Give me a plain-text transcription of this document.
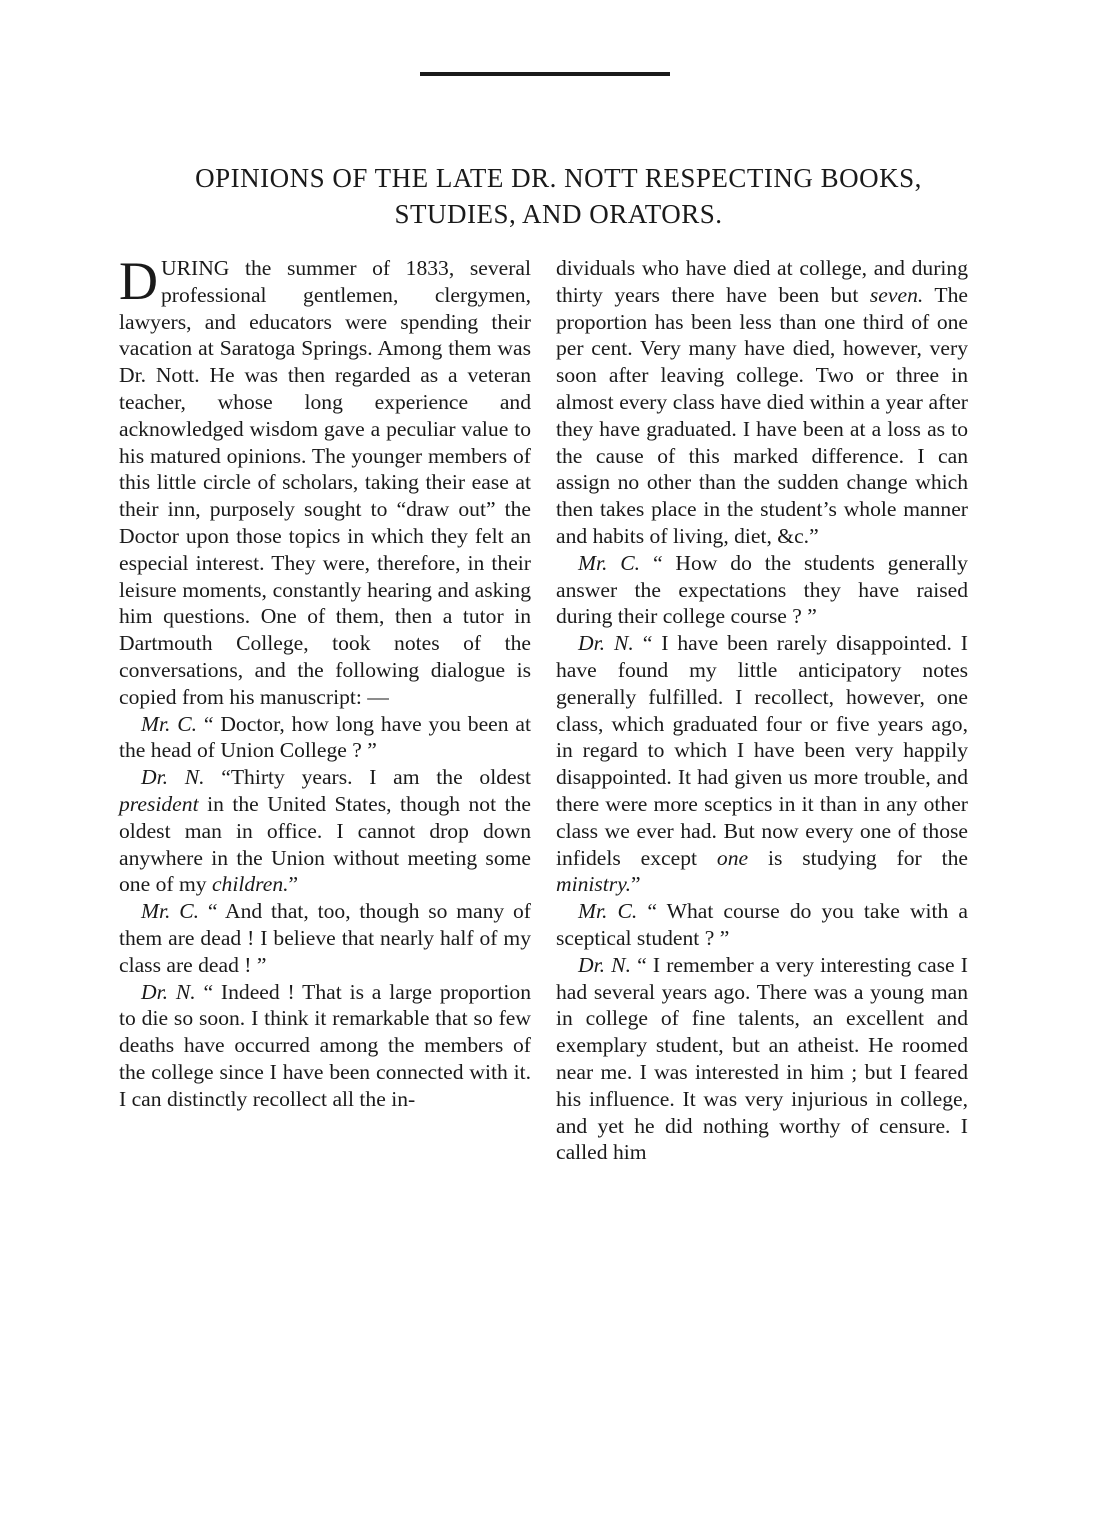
OPINIONS OF THE LATE DR. NOTT RESPECTING BOOKS,
STUDIES, AND ORATORS.

DURING the summer of 1833, several professional gentlemen, clergymen, lawyers, and educators were spending their vacation at Saratoga Springs. Among them was Dr. Nott. He was then regarded as a veteran teacher, whose long experience and acknowledged wisdom gave a peculiar value to his matured opinions. The younger members of this little circle of scholars, taking their ease at their inn, purposely sought to “draw out” the Doctor upon those topics in which they felt an especial interest. They were, therefore, in their leisure moments, constantly hearing and asking him questions. One of them, then a tutor in Dartmouth College, took notes of the conversations, and the following dialogue is copied from his manuscript: —

Mr. C. “ Doctor, how long have you been at the head of Union College ? ”

Dr. N. “Thirty years. I am the oldest president in the United States, though not the oldest man in office. I cannot drop down anywhere in the Union without meeting some one of my children.”

Mr. C. “ And that, too, though so many of them are dead ! I believe that nearly half of my class are dead ! ”

Dr. N. “ Indeed ! That is a large proportion to die so soon. I think it remarkable that so few deaths have occurred among the members of the college since I have been connected with it. I can distinctly recollect all the in-

dividuals who have died at college, and during thirty years there have been but seven. The proportion has been less than one third of one per cent. Very many have died, however, very soon after leaving college. Two or three in almost every class have died within a year after they have graduated. I have been at a loss as to the cause of this marked difference. I can assign no other than the sudden change which then takes place in the student’s whole manner and habits of living, diet, &c.”

Mr. C. “ How do the students generally answer the expectations they have raised during their college course ? ”

Dr. N. “ I have been rarely disappointed. I have found my little anticipatory notes generally fulfilled. I recollect, however, one class, which graduated four or five years ago, in regard to which I have been very happily disappointed. It had given us more trouble, and there were more sceptics in it than in any other class we ever had. But now every one of those infidels except one is studying for the ministry.”

Mr. C. “ What course do you take with a sceptical student ? ”

Dr. N. “ I remember a very interesting case I had several years ago. There was a young man in college of fine talents, an excellent and exemplary student, but an atheist. He roomed near me. I was interested in him ; but I feared his influence. It was very injurious in college, and yet he did nothing worthy of censure. I called him
